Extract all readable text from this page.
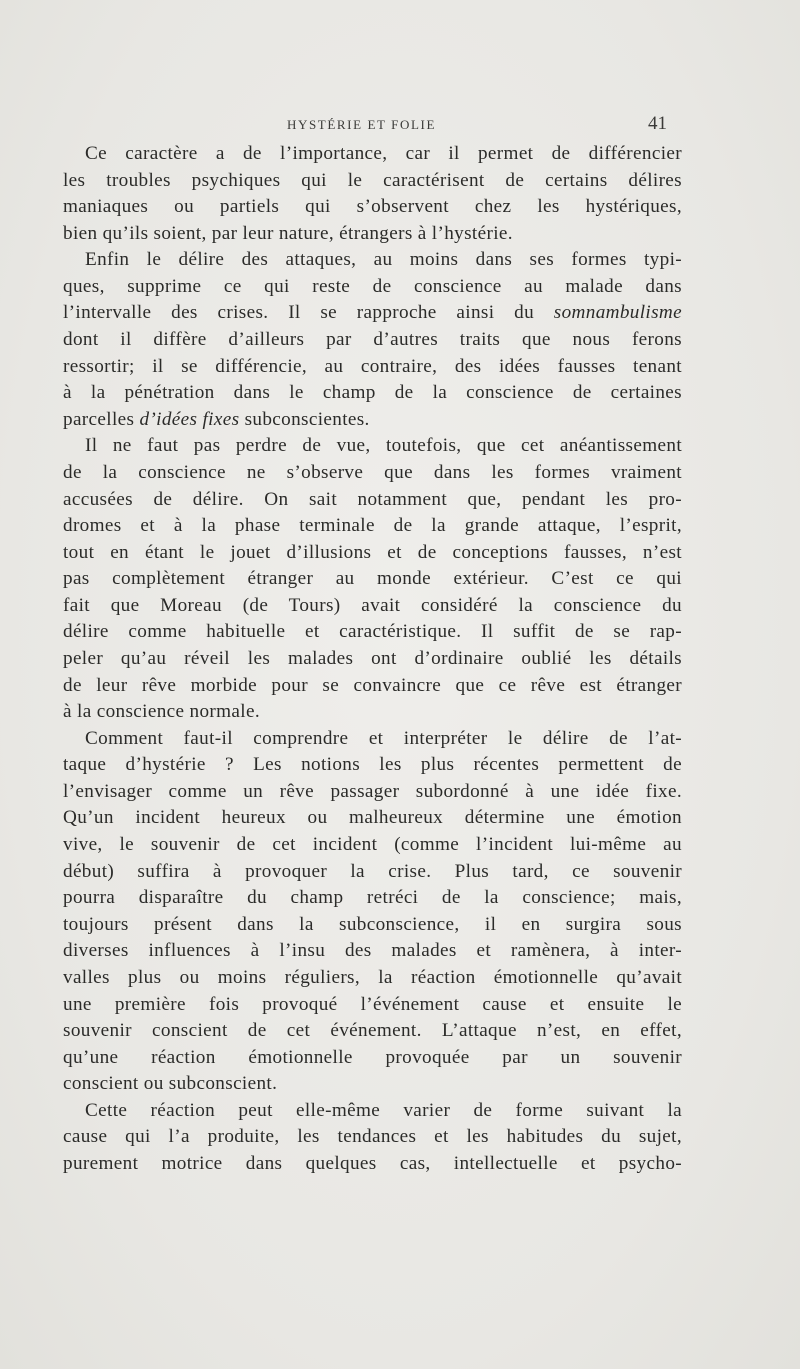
HYSTÉRIE ET FOLIE	41
Ce caractère a de l’importance, car il permet de différencier
les troubles psychiques qui le caractérisent de certains délires
maniaques ou partiels qui s’observent chez les hystériques,
bien qu’ils soient, par leur nature, étrangers à l’hystérie.
Enfin le délire des attaques, au moins dans ses formes typi-
ques, supprime ce qui reste de conscience au malade dans
l’intervalle des crises. Il se rapproche ainsi du somnambulisme
dont il diffère d’ailleurs par d’autres traits que nous ferons
ressortir; il se différencie, au contraire, des idées fausses tenant
à la pénétration dans le champ de la conscience de certaines
parcelles d’idées fixes subconscientes.
Il ne faut pas perdre de vue, toutefois, que cet anéantissement
de la conscience ne s’observe que dans les formes vraiment
accusées de délire. On sait notamment que, pendant les pro-
dromes et à la phase terminale de la grande attaque, l’esprit,
tout en étant le jouet d’illusions et de conceptions fausses, n’est
pas complètement étranger au monde extérieur. C’est ce qui
fait que Moreau (de Tours) avait considéré la conscience du
délire comme habituelle et caractéristique. Il suffit de se rap-
peler qu’au réveil les malades ont d’ordinaire oublié les détails
de leur rêve morbide pour se convaincre que ce rêve est étranger
à la conscience normale.
Comment faut-il comprendre et interpréter le délire de l’at-
taque d’hystérie ? Les notions les plus récentes permettent de
l’envisager comme un rêve passager subordonné à une idée fixe.
Qu’un incident heureux ou malheureux détermine une émotion
vive, le souvenir de cet incident (comme l’incident lui-même au
début) suffira à provoquer la crise. Plus tard, ce souvenir
pourra disparaître du champ retréci de la conscience; mais,
toujours présent dans la subconscience, il en surgira sous
diverses influences à l’insu des malades et ramènera, à inter-
valles plus ou moins réguliers, la réaction émotionnelle qu’avait
une première fois provoqué l’événement cause et ensuite le
souvenir conscient de cet événement. L’attaque n’est, en effet,
qu’une réaction émotionnelle provoquée par un souvenir
conscient ou subconscient.
Cette réaction peut elle-même varier de forme suivant la
cause qui l’a produite, les tendances et les habitudes du sujet,
purement motrice dans quelques cas, intellectuelle et psycho-
